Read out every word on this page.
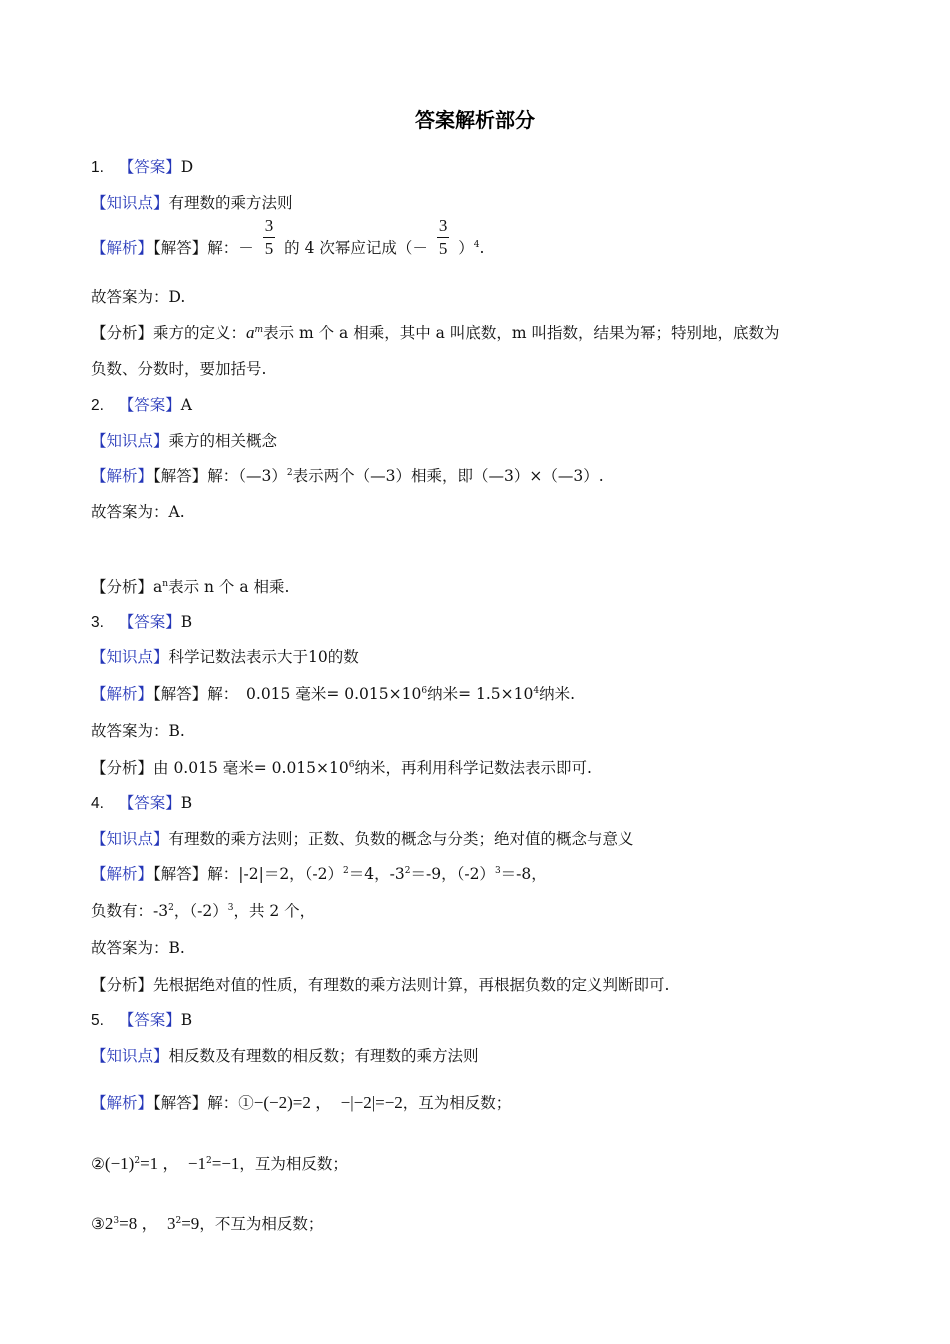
答案解析部分
1. 【答案】D
【知识点】有理数的乘方法则
【解析】【解答】解：－ $\frac{3}{5}$ 的 4 次幂应记成（－ $\frac{3}{5} )^4$.
故答案为：D.
【分析】乘方的定义：$a^m$表示 m 个 a 相乘，其中 a 叫底数，m 叫指数，结果为幂；特别地，底数为
负数、分数时，要加括号.
2. 【答案】A
【知识点】乘方的相关概念
【解析】【解答】解：（—3）$^2$表示两个（—3）相乘，即（—3）×（—3）.
故答案为：A.
【分析】$a^n$表示 n 个 a 相乘.
3. 【答案】B
【知识点】科学记数法表示大于10的数
【解析】【解答】解：　0.015 毫米= $0.015\times 10^6$纳米= $1.5\times 10^4$纳米.
故答案为：B.
【分析】由 0.015 毫米= $0.015\times 10^6$纳米，再利用科学记数法表示即可.
4. 【答案】B
【知识点】有理数的乘方法则；正数、负数的概念与分类；绝对值的概念与意义
【解析】【解答】解：|-2|＝2，$(-2)^2=4$，$-3^2=-9$，$(-2)^3=-8$，
负数有：$-3^2$，$(-2)^3$，共 2 个，
故答案为：B.
【分析】先根据绝对值的性质，有理数的乘方法则计算，再根据负数的定义判断即可.
5. 【答案】B
【知识点】相反数及有理数的相反数；有理数的乘方法则
【解析】【解答】解：①−(−2)=2 ，　−|−2|=−2，互为相反数；
$②(-1)^2=1$ ，　$-1^2=-1$，互为相反数；
$③2^3=8$ ，　$3^2=9$，不互为相反数；
